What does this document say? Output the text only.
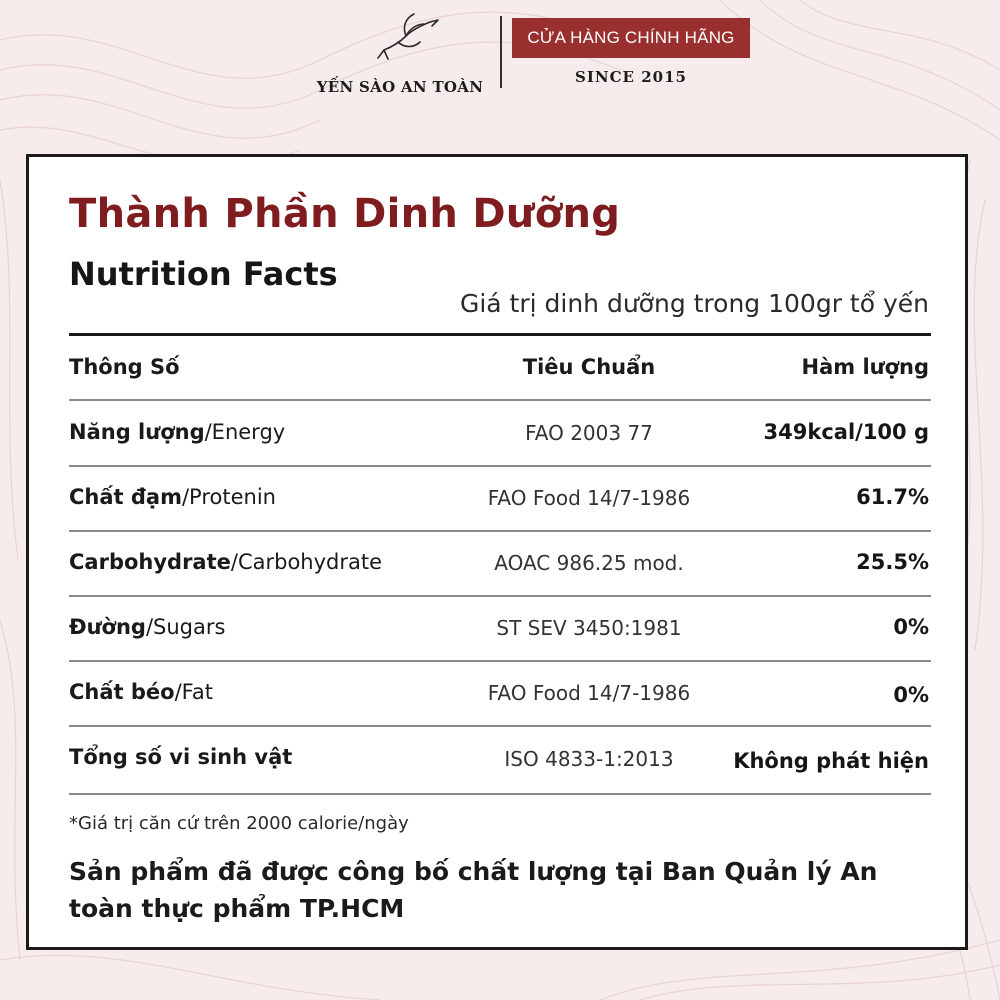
YẾN SÀO AN TOÀN
CỬA HÀNG CHÍNH HÃNG
SINCE 2015
Thành Phần Dinh Dưỡng
Nutrition Facts
Giá trị dinh dưỡng trong 100gr tổ yến
Thông Số	Tiêu Chuẩn	Hàm lượng
Năng lượng/Energy	FAO 2003 77	349kcal/100 g
Chất đạm/Protenin	FAO Food 14/7-1986	61.7%
Carbohydrate/Carbohydrate	AOAC 986.25 mod.	25.5%
Đường/Sugars	ST SEV 3450:1981	0%
Chất béo/Fat	FAO Food 14/7-1986	0%
Tổng số vi sinh vật	ISO 4833-1:2013	Không phát hiện
*Giá trị căn cứ trên 2000 calorie/ngày

Sản phẩm đã được công bố chất lượng tại Ban Quản lý An toàn thực phẩm TP.HCM
